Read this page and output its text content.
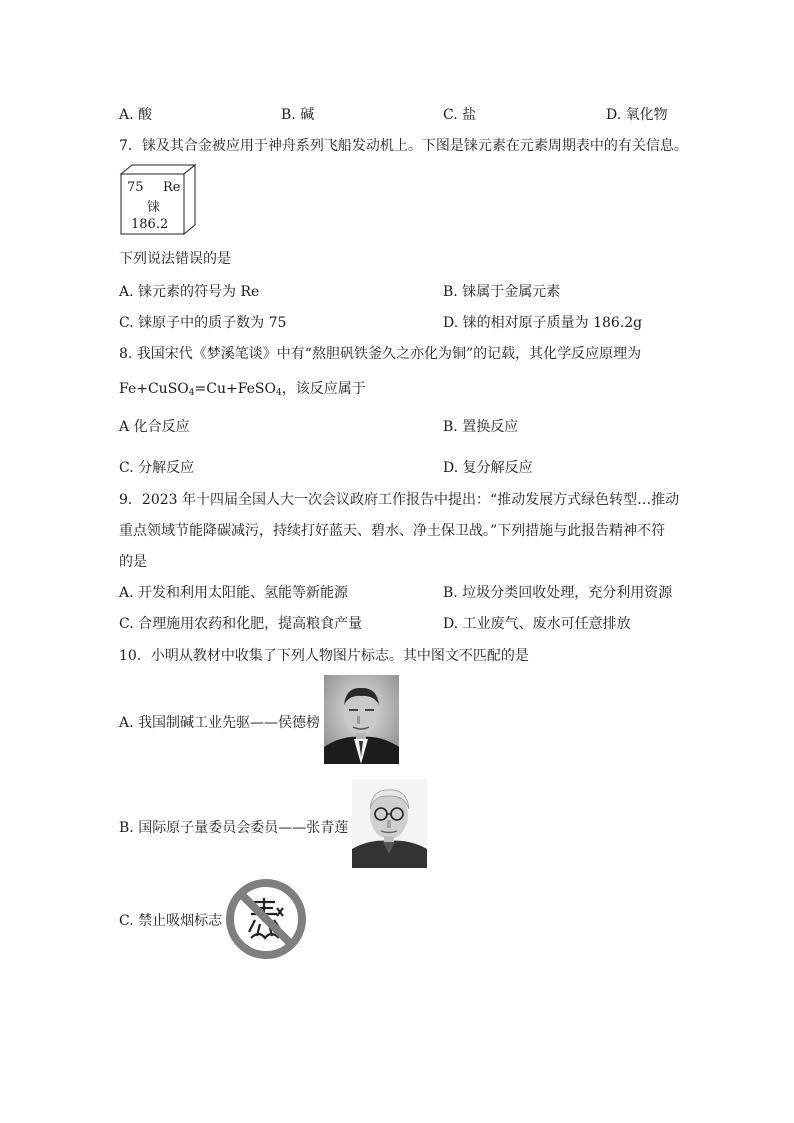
A. 酸	B. 碱	C. 盐	D. 氧化物
7．铼及其合金被应用于神舟系列飞船发动机上。下图是铼元素在元素周期表中的有关信息。
75 Re
铼
186.2
下列说法错误的是
A. 铼元素的符号为 Re	B. 铼属于金属元素
C. 铼原子中的质子数为 75	D. 铼的相对原子质量为 186.2g
8. 我国宋代《梦溪笔谈》中有“熬胆矾铁釜久之亦化为铜”的记载，其化学反应原理为
Fe+CuSO$_4$=Cu+FeSO$_4$，该反应属于
A 化合反应	B. 置换反应
C. 分解反应	D. 复分解反应
9．2023 年十四届全国人大一次会议政府工作报告中提出：“推动发展方式绿色转型…推动
重点领域节能降碳减污，持续打好蓝天、碧水、净土保卫战。”下列措施与此报告精神不符
的是
A. 开发和利用太阳能、氢能等新能源	B. 垃圾分类回收处理，充分利用资源
C. 合理施用农药和化肥，提高粮食产量	D. 工业废气、废水可任意排放
10．小明从教材中收集了下列人物图片标志。其中图文不匹配的是
A. 我国制碱工业先驱——侯德榜
B. 国际原子量委员会委员——张青莲
C. 禁止吸烟标志
